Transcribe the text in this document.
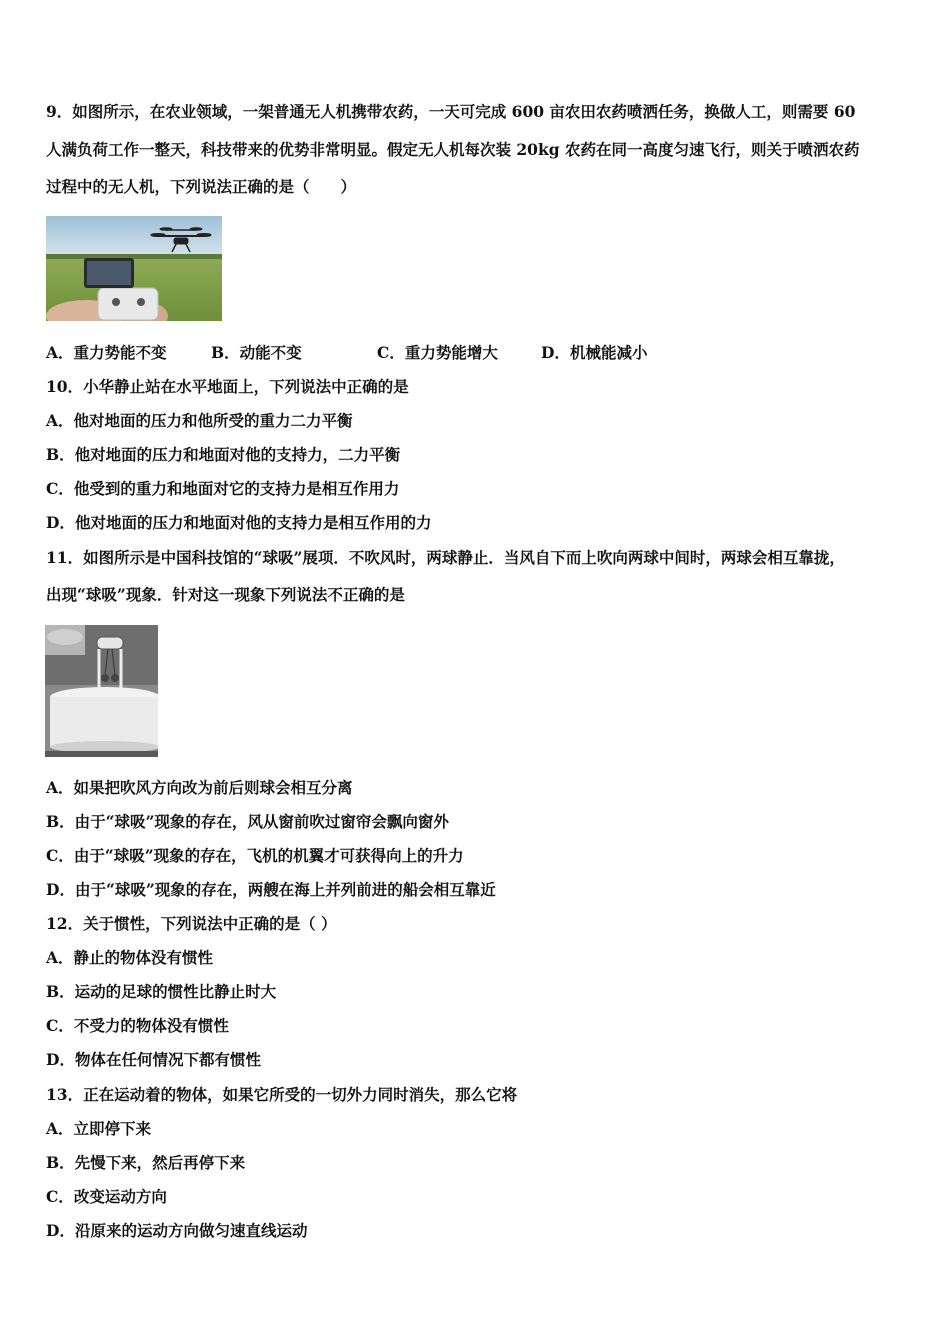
9．如图所示，在农业领域，一架普通无人机携带农药，一天可完成 600 亩农田农药喷洒任务，换做人工，则需要 60
人满负荷工作一整天，科技带来的优势非常明显。假定无人机每次装 20kg 农药在同一高度匀速飞行，则关于喷洒农药
过程中的无人机，下列说法正确的是（　　）
A．重力势能不变	B．动能不变	C．重力势能增大	D．机械能减小
10．小华静止站在水平地面上，下列说法中正确的是
A．他对地面的压力和他所受的重力二力平衡
B．他对地面的压力和地面对他的支持力，二力平衡
C．他受到的重力和地面对它的支持力是相互作用力
D．他对地面的压力和地面对他的支持力是相互作用的力
11．如图所示是中国科技馆的“球吸”展项．不吹风时，两球静止．当风自下而上吹向两球中间时，两球会相互靠拢，
出现“球吸”现象．针对这一现象下列说法不正确的是
A．如果把吹风方向改为前后则球会相互分离
B．由于“球吸”现象的存在，风从窗前吹过窗帘会飘向窗外
C．由于“球吸”现象的存在，飞机的机翼才可获得向上的升力
D．由于“球吸”现象的存在，两艘在海上并列前进的船会相互靠近
12．关于惯性，下列说法中正确的是（ ）
A．静止的物体没有惯性
B．运动的足球的惯性比静止时大
C．不受力的物体没有惯性
D．物体在任何情况下都有惯性
13．正在运动着的物体，如果它所受的一切外力同时消失，那么它将
A．立即停下来
B．先慢下来，然后再停下来
C．改变运动方向
D．沿原来的运动方向做匀速直线运动
